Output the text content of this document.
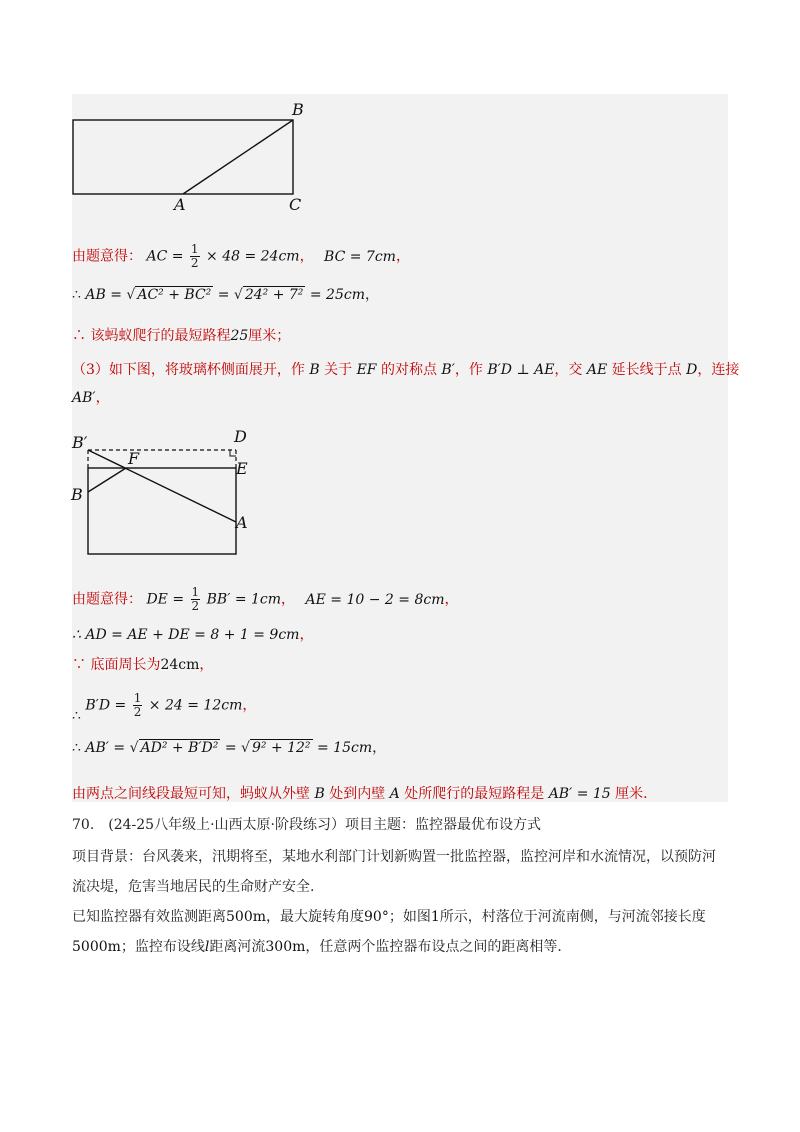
B
A	C
由题意得： AC = $\frac{1}{2} \times 48 = 24cm$， BC = 7cm，
∴ AB = √ AC² + BC² = √ 24² + 7² = 25cm，
∴ 该蚂蚁爬行的最短路程25厘米；
（3）如下图，将玻璃杯侧面展开，作 B 关于 EF 的对称点 B′，作 B′D ⊥ AE，交 AE 延长线于点 D，连接
AB′，
B′	D
F
E
B
A
由题意得： DE = $\frac{1}{2} BB' = 1cm$， AE = 10 − 2 = 8cm，
∴ AD = AE + DE = 8 + 1 = 9cm，
∵ 底面周长为24cm，
∴ $B'D = \frac{1}{2} \times 24 = 12cm$，
∴ AB′ = √ AD² + B′D² = √ 9² + 12² = 15cm，
由两点之间线段最短可知，蚂蚁从外壁 B 处到内壁 A 处所爬行的最短路程是 AB′ = 15 厘米.
70.　(24-25八年级上·山西太原·阶段练习）项目主题：监控器最优布设方式
项目背景：台风袭来，汛期将至，某地水利部门计划新购置一批监控器，监控河岸和水流情况，以预防河
流决堤，危害当地居民的生命财产安全.
已知监控器有效监测距离500m，最大旋转角度90°；如图1所示，村落位于河流南侧，与河流邻接长度
5000m；监控布设线l距离河流300m，任意两个监控器布设点之间的距离相等.
